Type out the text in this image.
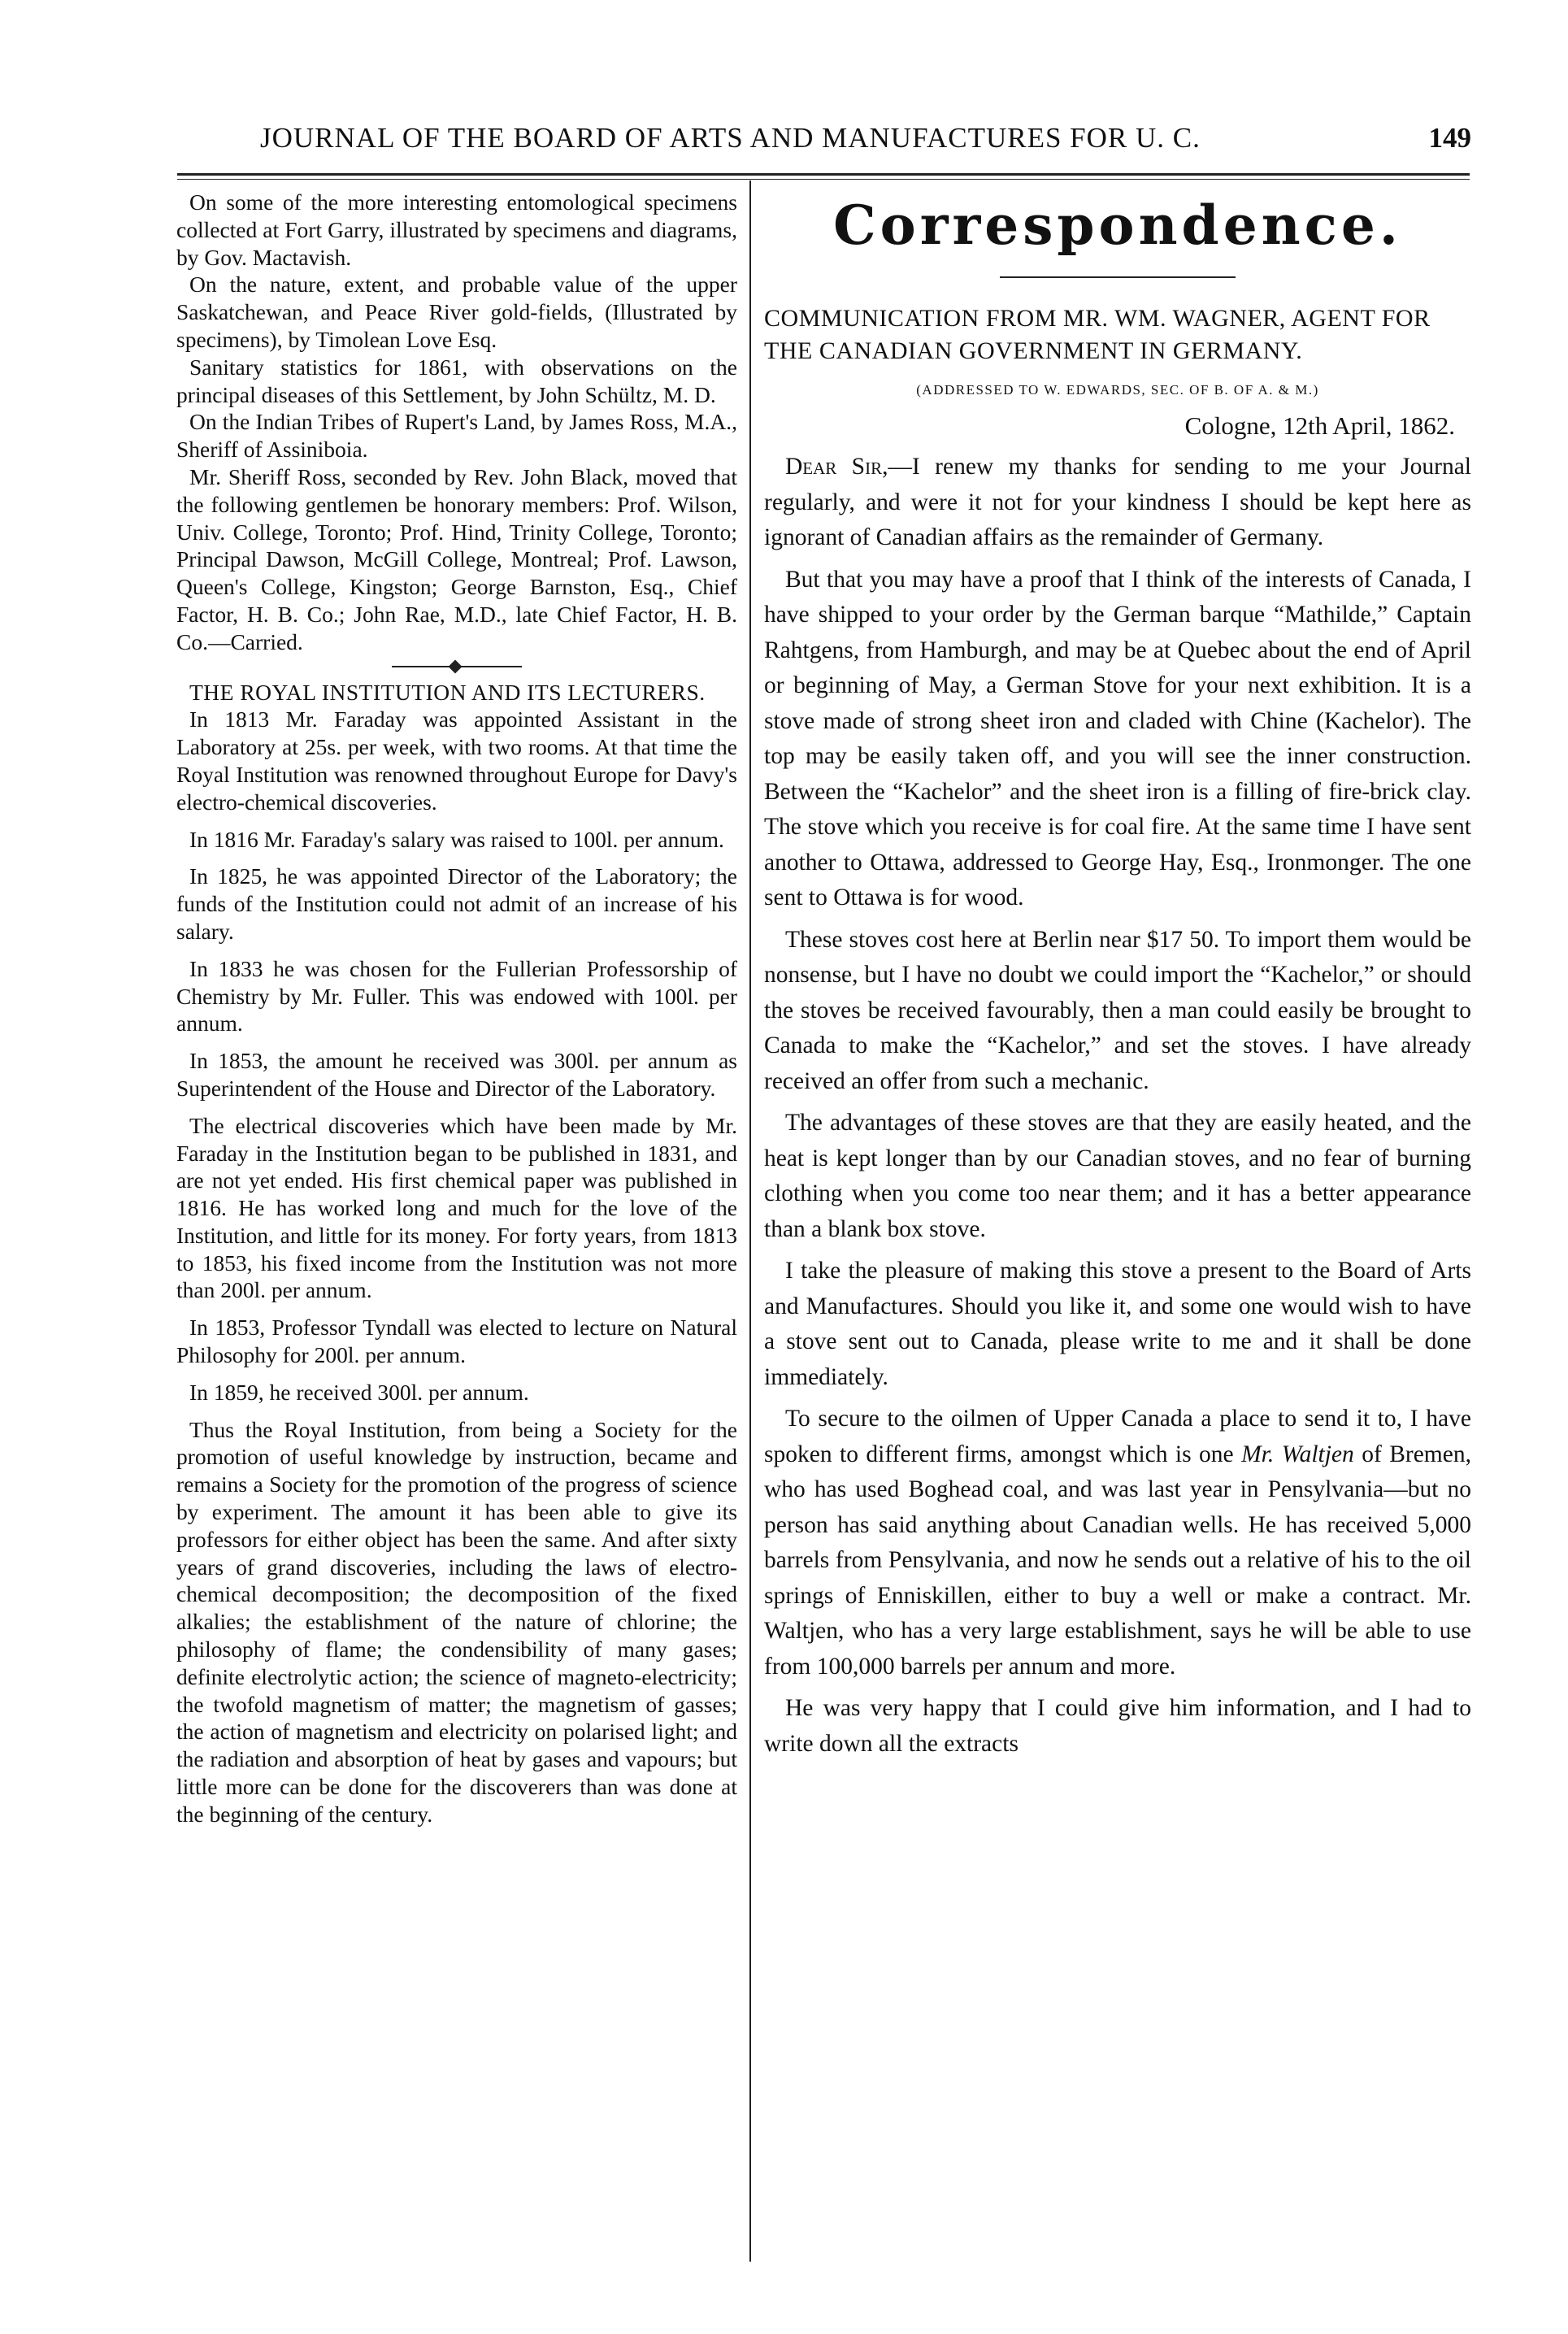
JOURNAL OF THE BOARD OF ARTS AND MANUFACTURES FOR U. C.	149

On some of the more interesting entomological specimens collected at Fort Garry, illustrated by specimens and diagrams, by Gov. Mactavish.

On the nature, extent, and probable value of the upper Saskatchewan, and Peace River gold-fields, (Illustrated by specimens), by Timolean Love Esq.

Sanitary statistics for 1861, with observations on the principal diseases of this Settlement, by John Schültz, M. D.

On the Indian Tribes of Rupert's Land, by James Ross, M.A., Sheriff of Assiniboia.

Mr. Sheriff Ross, seconded by Rev. John Black, moved that the following gentlemen be honorary members: Prof. Wilson, Univ. College, Toronto; Prof. Hind, Trinity College, Toronto; Principal Dawson, McGill College, Montreal; Prof. Lawson, Queen's College, Kingston; George Barnston, Esq., Chief Factor, H. B. Co.; John Rae, M.D., late Chief Factor, H. B. Co.—Carried.

THE ROYAL INSTITUTION AND ITS LECTURERS.

In 1813 Mr. Faraday was appointed Assistant in the Laboratory at 25s. per week, with two rooms. At that time the Royal Institution was renowned throughout Europe for Davy's electro-chemical discoveries.

In 1816 Mr. Faraday's salary was raised to 100l. per annum.

In 1825, he was appointed Director of the Laboratory; the funds of the Institution could not admit of an increase of his salary.

In 1833 he was chosen for the Fullerian Professorship of Chemistry by Mr. Fuller. This was endowed with 100l. per annum.

In 1853, the amount he received was 300l. per annum as Superintendent of the House and Director of the Laboratory.

The electrical discoveries which have been made by Mr. Faraday in the Institution began to be published in 1831, and are not yet ended. His first chemical paper was published in 1816. He has worked long and much for the love of the Institution, and little for its money. For forty years, from 1813 to 1853, his fixed income from the Institution was not more than 200l. per annum.

In 1853, Professor Tyndall was elected to lecture on Natural Philosophy for 200l. per annum.

In 1859, he received 300l. per annum.

Thus the Royal Institution, from being a Society for the promotion of useful knowledge by instruction, became and remains a Society for the promotion of the progress of science by experiment. The amount it has been able to give its professors for either object has been the same. And after sixty years of grand discoveries, including the laws of electro-chemical decomposition; the decomposition of the fixed alkalies; the establishment of the nature of chlorine; the philosophy of flame; the condensibility of many gases; definite electrolytic action; the science of magneto-electricity; the twofold magnetism of matter; the magnetism of gasses; the action of magnetism and electricity on polarised light; and the radiation and absorption of heat by gases and vapours; but little more can be done for the discoverers than was done at the beginning of the century.

Correspondence.

COMMUNICATION FROM MR. WM. WAGNER, AGENT FOR THE CANADIAN GOVERNMENT IN GERMANY.

(ADDRESSED TO W. EDWARDS, SEC. OF B. OF A. & M.)

Cologne, 12th April, 1862.

Dear Sir,—I renew my thanks for sending to me your Journal regularly, and were it not for your kindness I should be kept here as ignorant of Canadian affairs as the remainder of Germany.

But that you may have a proof that I think of the interests of Canada, I have shipped to your order by the German barque “Mathilde,” Captain Rahtgens, from Hamburgh, and may be at Quebec about the end of April or beginning of May, a German Stove for your next exhibition. It is a stove made of strong sheet iron and claded with Chine (Kachelor). The top may be easily taken off, and you will see the inner construction. Between the “Kachelor” and the sheet iron is a filling of fire-brick clay. The stove which you receive is for coal fire. At the same time I have sent another to Ottawa, addressed to George Hay, Esq., Ironmonger. The one sent to Ottawa is for wood.

These stoves cost here at Berlin near $17 50. To import them would be nonsense, but I have no doubt we could import the “Kachelor,” or should the stoves be received favourably, then a man could easily be brought to Canada to make the “Kachelor,” and set the stoves. I have already received an offer from such a mechanic.

The advantages of these stoves are that they are easily heated, and the heat is kept longer than by our Canadian stoves, and no fear of burning clothing when you come too near them; and it has a better appearance than a blank box stove.

I take the pleasure of making this stove a present to the Board of Arts and Manufactures. Should you like it, and some one would wish to have a stove sent out to Canada, please write to me and it shall be done immediately.

To secure to the oilmen of Upper Canada a place to send it to, I have spoken to different firms, amongst which is one Mr. Waltjen of Bremen, who has used Boghead coal, and was last year in Pensylvania—but no person has said anything about Canadian wells. He has received 5,000 barrels from Pensylvania, and now he sends out a relative of his to the oil springs of Enniskillen, either to buy a well or make a contract. Mr. Waltjen, who has a very large establishment, says he will be able to use from 100,000 barrels per annum and more.

He was very happy that I could give him information, and I had to write down all the extracts
